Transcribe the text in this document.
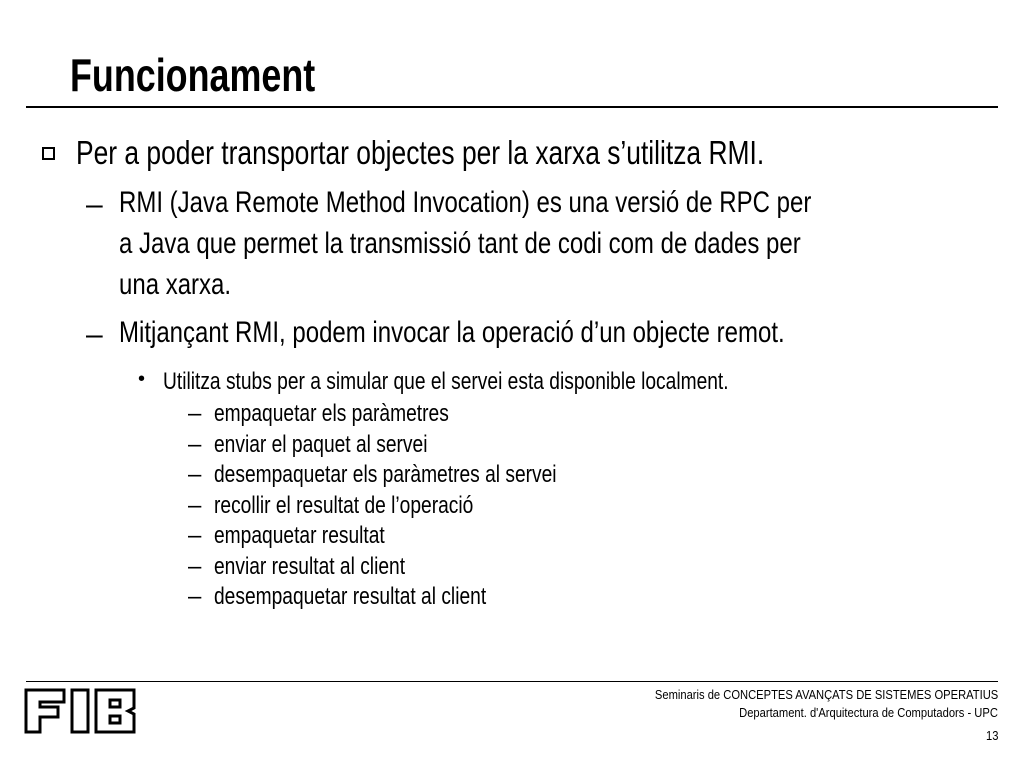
Funcionament
Per a poder transportar objectes per la xarxa s’utilitza RMI.
– RMI (Java Remote Method Invocation) es una versió de RPC per
a Java que permet la transmissió tant de codi com de dades per
una xarxa.
– Mitjançant RMI, podem invocar la operació d’un objecte remot.
• Utilitza stubs per a simular que el servei esta disponible localment.
– empaquetar els paràmetres
– enviar el paquet al servei
– desempaquetar els paràmetres al servei
– recollir el resultat de l’operació
– empaquetar resultat
– enviar resultat al client
– desempaquetar resultat al client
Seminaris de CONCEPTES AVANÇATS DE SISTEMES OPERATIUS
Departament. d'Arquitectura de Computadors - UPC
13
